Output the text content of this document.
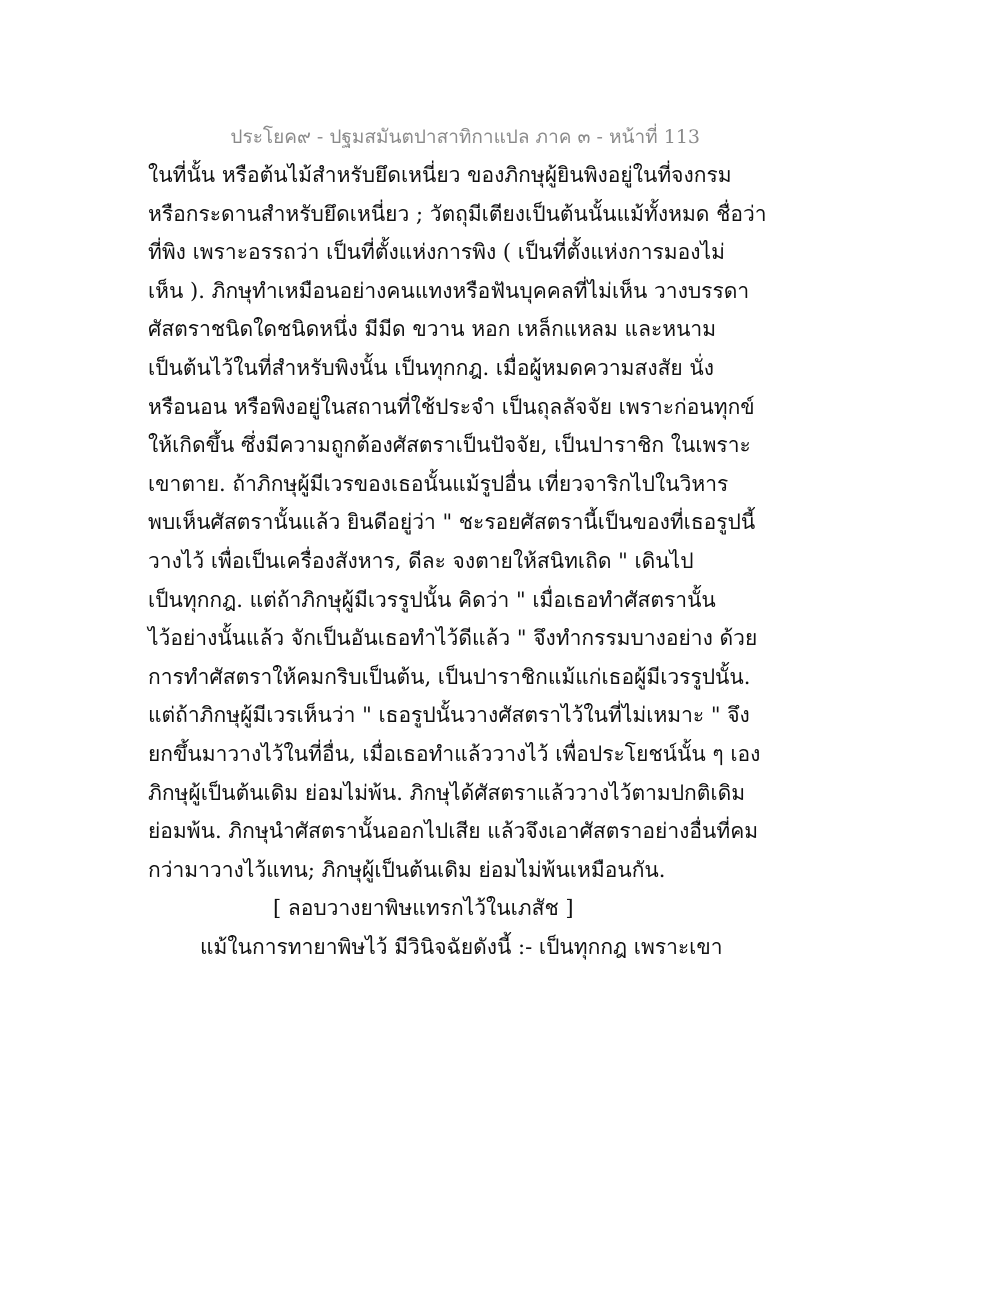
ประโยค๙ - ปฐมสมันตปาสาทิกาแปล ภาค ๓ - หน้าที่ 113
ในที่นั้น หรือต้นไม้สำหรับยึดเหนี่ยว ของภิกษุผู้ยินพิงอยู่ในที่จงกรม
หรือกระดานสำหรับยึดเหนี่ยว ; วัตถุมีเตียงเป็นต้นนั้นแม้ทั้งหมด ชื่อว่า
ที่พิง เพราะอรรถว่า เป็นที่ตั้งแห่งการพิง ( เป็นที่ตั้งแห่งการมองไม่
เห็น ). ภิกษุทำเหมือนอย่างคนแทงหรือฟันบุคคลที่ไม่เห็น วางบรรดา
ศัสตราชนิดใดชนิดหนึ่ง มีมีด ขวาน หอก เหล็กแหลม และหนาม
เป็นต้นไว้ในที่สำหรับพิงนั้น เป็นทุกกฎ. เมื่อผู้หมดความสงสัย นั่ง
หรือนอน หรือพิงอยู่ในสถานที่ใช้ประจำ เป็นถุลลัจจัย เพราะก่อนทุกข์
ให้เกิดขึ้น ซึ่งมีความถูกต้องศัสตราเป็นปัจจัย, เป็นปาราชิก ในเพราะ
เขาตาย. ถ้าภิกษุผู้มีเวรของเธอนั้นแม้รูปอื่น เที่ยวจาริกไปในวิหาร
พบเห็นศัสตรานั้นแล้ว ยินดีอยู่ว่า " ชะรอยศัสตรานี้เป็นของที่เธอรูปนี้
วางไว้ เพื่อเป็นเครื่องสังหาร, ดีละ จงตายให้สนิทเถิด " เดินไป
เป็นทุกกฎ. แต่ถ้าภิกษุผู้มีเวรรูปนั้น คิดว่า " เมื่อเธอทำศัสตรานั้น
ไว้อย่างนั้นแล้ว จักเป็นอันเธอทำไว้ดีแล้ว " จึงทำกรรมบางอย่าง ด้วย
การทำศัสตราให้คมกริบเป็นต้น, เป็นปาราชิกแม้แก่เธอผู้มีเวรรูปนั้น.
แต่ถ้าภิกษุผู้มีเวรเห็นว่า " เธอรูปนั้นวางศัสตราไว้ในที่ไม่เหมาะ " จึง
ยกขึ้นมาวางไว้ในที่อื่น, เมื่อเธอทำแล้ววางไว้ เพื่อประโยชน์นั้น ๆ เอง
ภิกษุผู้เป็นต้นเดิม ย่อมไม่พ้น. ภิกษุได้ศัสตราแล้ววางไว้ตามปกติเดิม
ย่อมพ้น. ภิกษุนำศัสตรานั้นออกไปเสีย แล้วจึงเอาศัสตราอย่างอื่นที่คม
กว่ามาวางไว้แทน; ภิกษุผู้เป็นต้นเดิม ย่อมไม่พ้นเหมือนกัน.
[ ลอบวางยาพิษแทรกไว้ในเภสัช ]
แม้ในการทายาพิษไว้ มีวินิจฉัยดังนี้ :- เป็นทุกกฎ เพราะเขา
